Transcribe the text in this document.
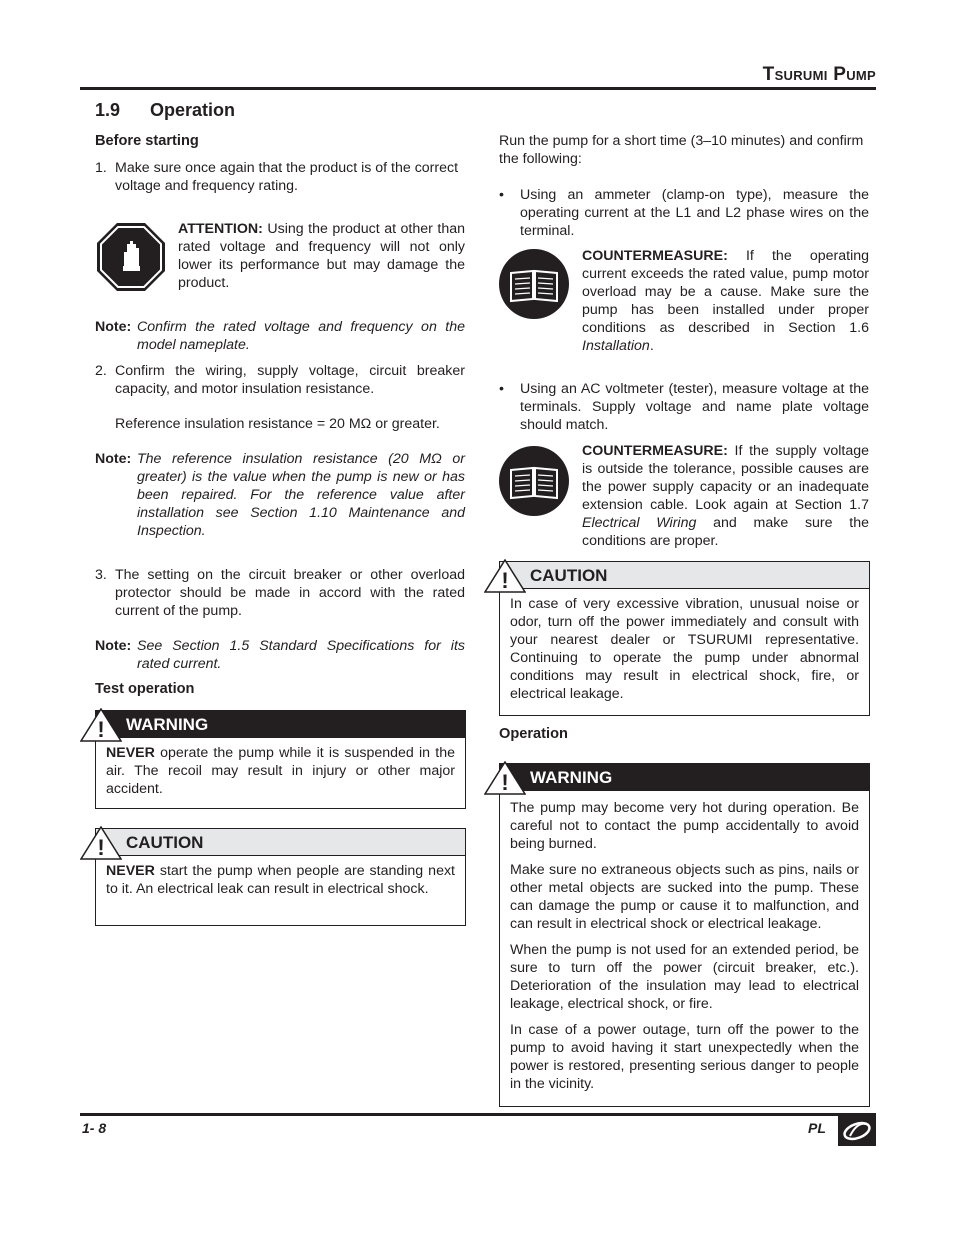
Tsurumi Pump
1.9 Operation
Before starting
1. Make sure once again that the product is of the correct voltage and frequency rating.
ATTENTION: Using the product at other than rated voltage and frequency will not only lower its performance but may damage the product.
Note: Confirm the rated voltage and frequency on the model nameplate.
2. Confirm the wiring, supply voltage, circuit breaker capacity, and motor insulation resistance.
Reference insulation resistance = 20 MΩ or greater.
Note: The reference insulation resistance (20 MΩ or greater) is the value when the pump is new or has been repaired. For the reference value after installation see Section 1.10 Maintenance and Inspection.
3. The setting on the circuit breaker or other overload protector should be made in accord with the rated current of the pump.
Note: See Section 1.5 Standard Specifications for its rated current.
Test operation
! WARNING
NEVER operate the pump while it is suspended in the air. The recoil may result in injury or other major accident.
! CAUTION
NEVER start the pump when people are standing next to it. An electrical leak can result in electrical shock.
Run the pump for a short time (3–10 minutes) and confirm the following:
•	Using an ammeter (clamp-on type), measure the operating current at the L1 and L2 phase wires on the terminal.
COUNTERMEASURE: If the operating current exceeds the rated value, pump motor overload may be a cause. Make sure the pump has been installed under proper conditions as described in Section 1.6 Installation.
•	Using an AC voltmeter (tester), measure voltage at the terminals. Supply voltage and name plate voltage should match.
COUNTERMEASURE: If the supply voltage is outside the tolerance, possible causes are the power supply capacity or an inadequate extension cable. Look again at Section 1.7 Electrical Wiring and make sure the conditions are proper.
! CAUTION
In case of very excessive vibration, unusual noise or odor, turn off the power immediately and consult with your nearest dealer or TSURUMI representative. Continuing to operate the pump under abnormal conditions may result in electrical shock, fire, or electrical leakage.
Operation
! WARNING

The pump may become very hot during operation. Be careful not to contact the pump accidentally to avoid being burned.

Make sure no extraneous objects such as pins, nails or other metal objects are sucked into the pump. These can damage the pump or cause it to malfunction, and can result in electrical shock or electrical leakage.

When the pump is not used for an extended period, be sure to turn off the power (circuit breaker, etc.). Deterioration of the insulation may lead to electrical leakage, electrical shock, or fire.

In case of a power outage, turn off the power to the pump to avoid having it start unexpectedly when the power is restored, presenting serious danger to people in the vicinity.

1- 8	PL
